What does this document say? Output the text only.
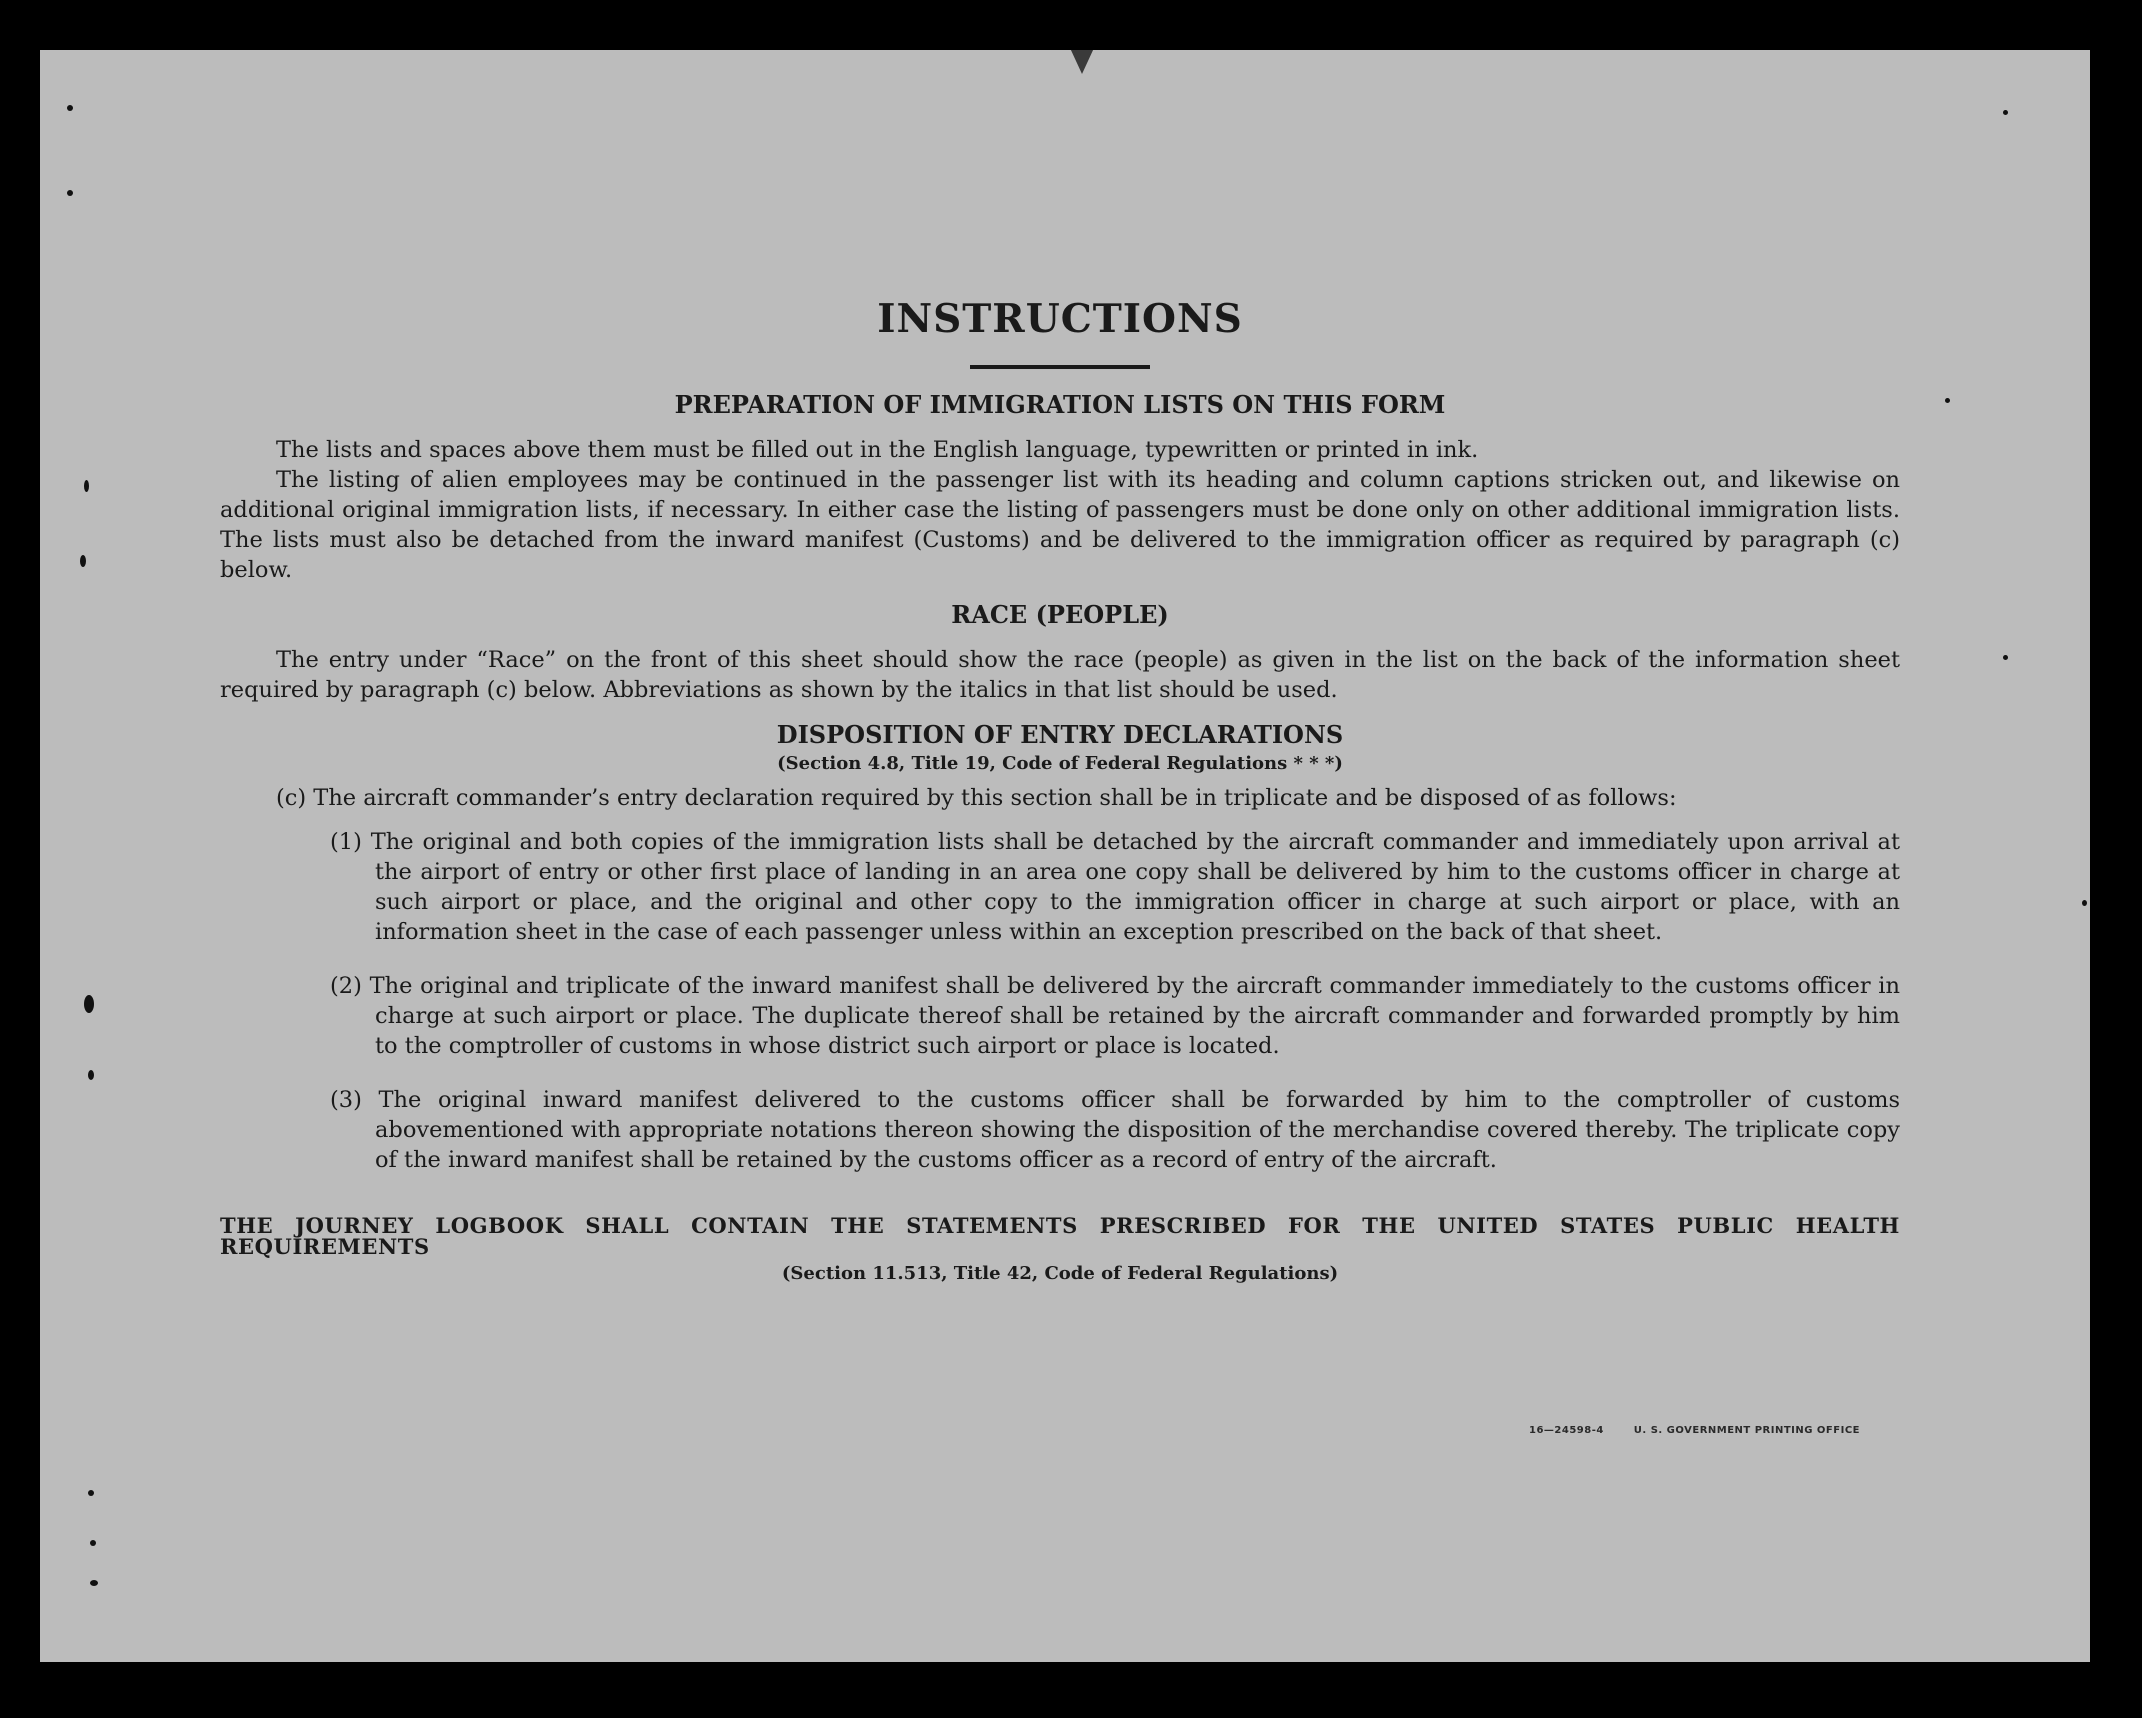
INSTRUCTIONS
PREPARATION OF IMMIGRATION LISTS ON THIS FORM

The lists and spaces above them must be filled out in the English language, typewritten or printed in ink.

The listing of alien employees may be continued in the passenger list with its heading and column captions stricken out, and likewise on additional original immigration lists, if necessary. In either case the listing of passengers must be done only on other additional immigration lists. The lists must also be detached from the inward manifest (Customs) and be delivered to the immigration officer as required by paragraph (c) below.

RACE (PEOPLE)

The entry under “Race” on the front of this sheet should show the race (people) as given in the list on the back of the information sheet required by paragraph (c) below. Abbreviations as shown by the italics in that list should be used.

DISPOSITION OF ENTRY DECLARATIONS
(Section 4.8, Title 19, Code of Federal Regulations * * *)

(c) The aircraft commander’s entry declaration required by this section shall be in triplicate and be disposed of as follows:

(1) The original and both copies of the immigration lists shall be detached by the aircraft commander and immediately upon arrival at the airport of entry or other first place of landing in an area one copy shall be delivered by him to the customs officer in charge at such airport or place, and the original and other copy to the immigration officer in charge at such airport or place, with an information sheet in the case of each passenger unless within an exception prescribed on the back of that sheet.

(2) The original and triplicate of the inward manifest shall be delivered by the aircraft commander immediately to the customs officer in charge at such airport or place. The duplicate thereof shall be retained by the aircraft commander and forwarded promptly by him to the comptroller of customs in whose district such airport or place is located.

(3) The original inward manifest delivered to the customs officer shall be forwarded by him to the comptroller of customs abovementioned with appropriate notations thereon showing the disposition of the merchandise covered thereby. The triplicate copy of the inward manifest shall be retained by the customs officer as a record of entry of the aircraft.

THE JOURNEY LOGBOOK SHALL CONTAIN THE STATEMENTS PRESCRIBED FOR THE UNITED STATES PUBLIC HEALTH REQUIREMENTS

(Section 11.513, Title 42, Code of Federal Regulations)
16—24598-4	U. S. GOVERNMENT PRINTING OFFICE
